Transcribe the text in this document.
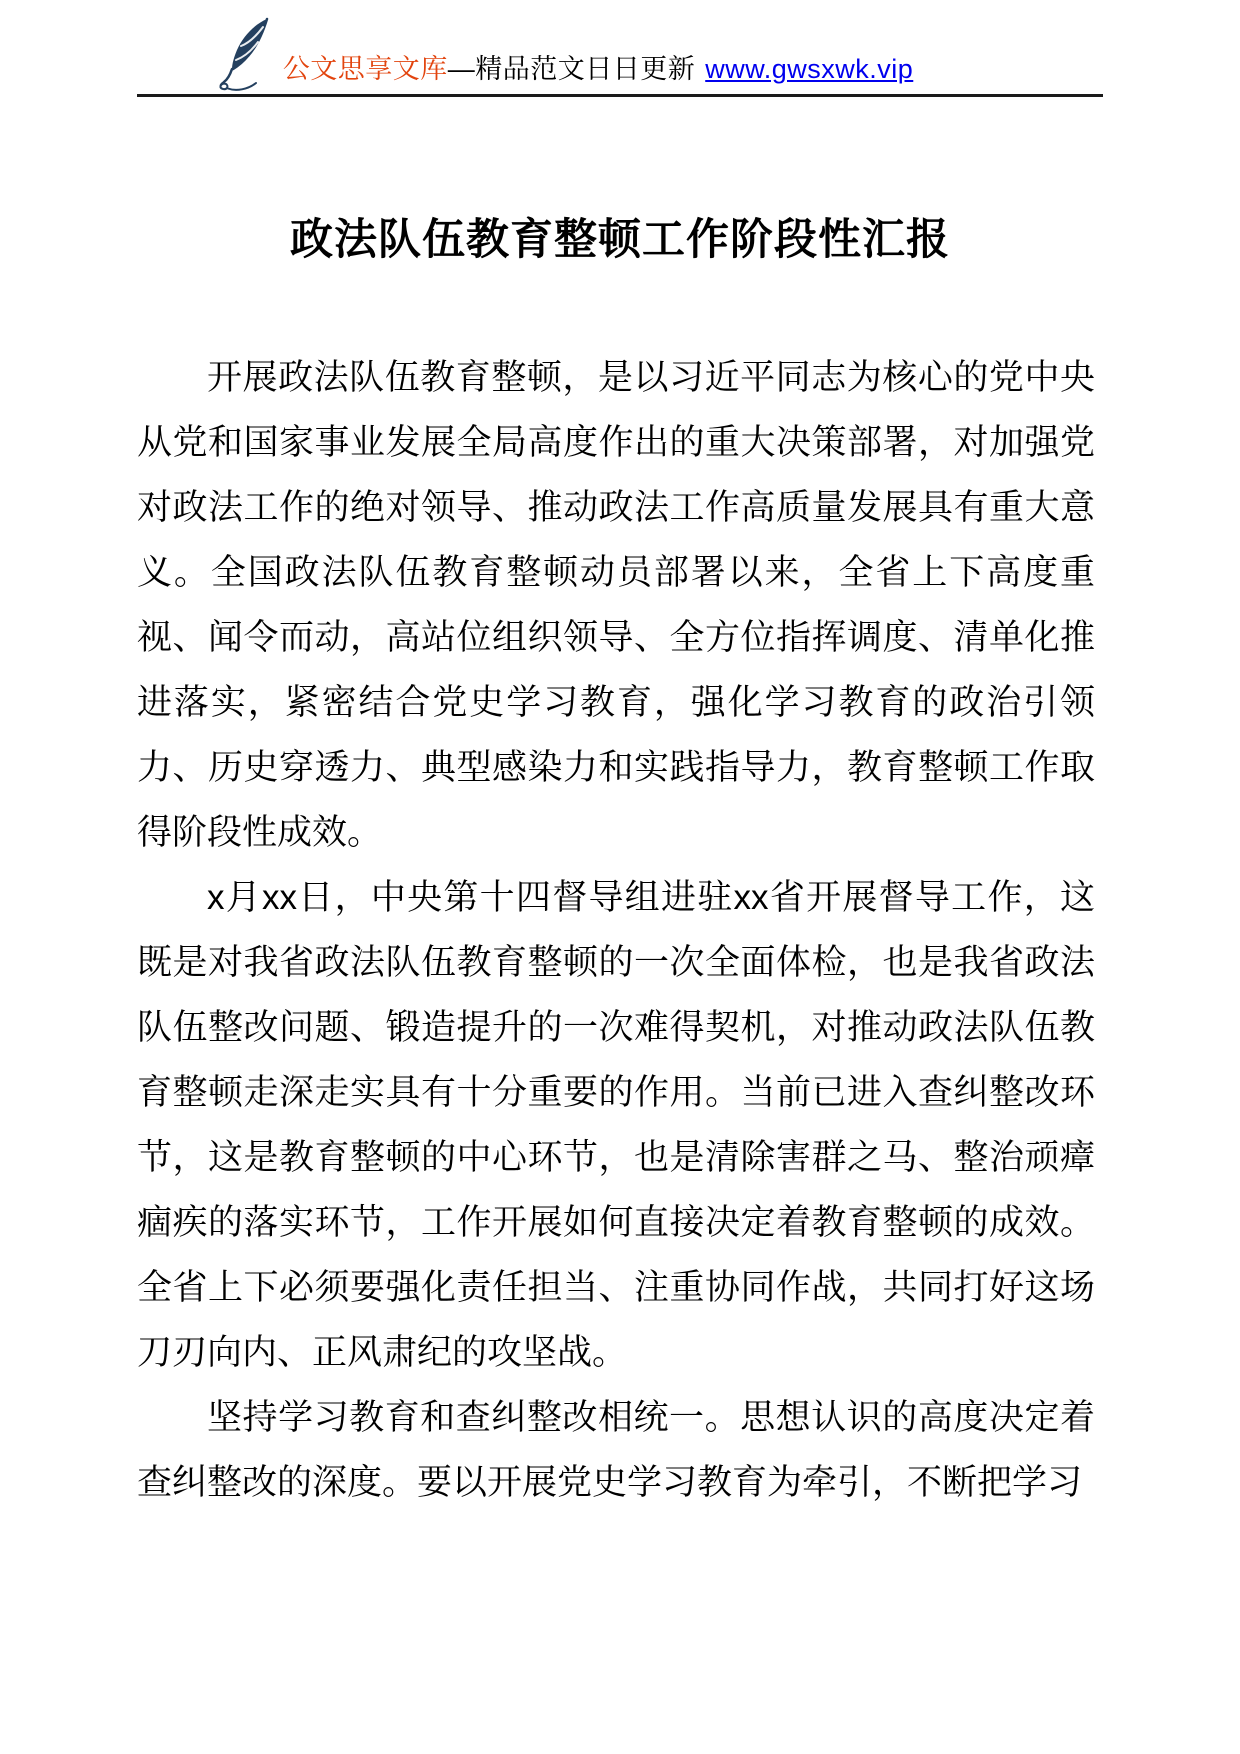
公文思享文库—精品范文日日更新 www.gwsxwk.vip
政法队伍教育整顿工作阶段性汇报

开展政法队伍教育整顿，是以习近平同志为核心的党中央从党和国家事业发展全局高度作出的重大决策部署，对加强党对政法工作的绝对领导、推动政法工作高质量发展具有重大意义。全国政法队伍教育整顿动员部署以来，全省上下高度重视、闻令而动，高站位组织领导、全方位指挥调度、清单化推进落实，紧密结合党史学习教育，强化学习教育的政治引领力、历史穿透力、典型感染力和实践指导力，教育整顿工作取得阶段性成效。

x月xx日，中央第十四督导组进驻xx省开展督导工作，这既是对我省政法队伍教育整顿的一次全面体检，也是我省政法队伍整改问题、锻造提升的一次难得契机，对推动政法队伍教育整顿走深走实具有十分重要的作用。当前已进入查纠整改环节，这是教育整顿的中心环节，也是清除害群之马、整治顽瘴痼疾的落实环节，工作开展如何直接决定着教育整顿的成效。全省上下必须要强化责任担当、注重协同作战，共同打好这场刀刃向内、正风肃纪的攻坚战。

坚持学习教育和查纠整改相统一。思想认识的高度决定着查纠整改的深度。要以开展党史学习教育为牵引，不断把学习
